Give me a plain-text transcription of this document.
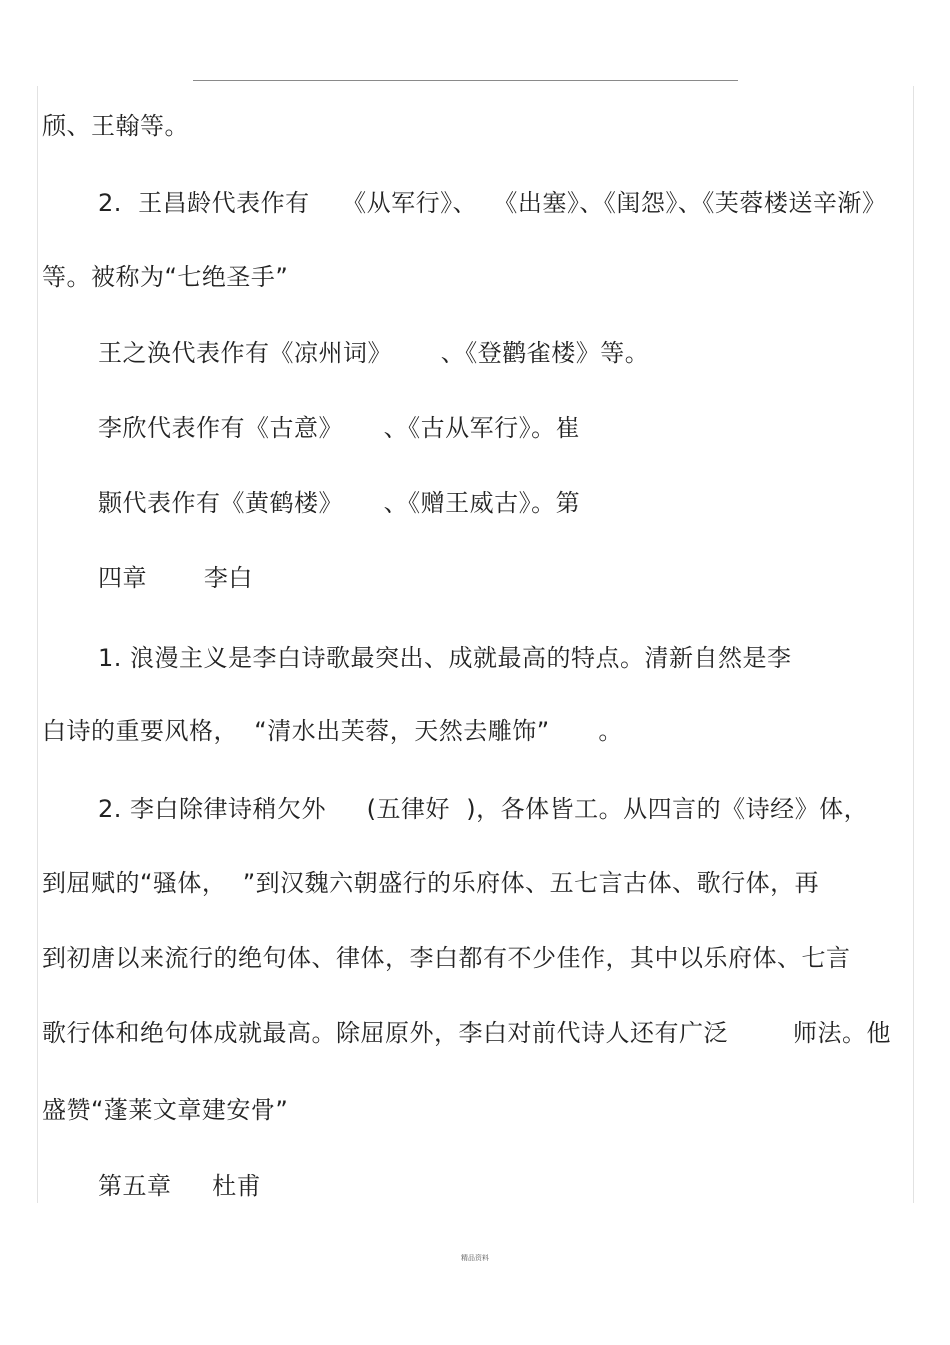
颀、王翰等。

2.  王昌龄代表作有    《从军行》、  《出塞》、《闺怨》、《芙蓉楼送辛渐》

等。被称为“七绝圣手”

王之涣代表作有《凉州词》      、《登鹳雀楼》等。

李欣代表作有《古意》     、《古从军行》。崔

颢代表作有《黄鹤楼》     、《赠王威古》。第

四章       李白

1. 浪漫主义是李白诗歌最突出、成就最高的特点。清新自然是李

白诗的重要风格，  “清水出芙蓉，天然去雕饰”      。

2. 李白除律诗稍欠外     (五律好  )，各体皆工。从四言的《诗经》体，

到屈赋的“骚体，  ”到汉魏六朝盛行的乐府体、五七言古体、歌行体，再

到初唐以来流行的绝句体、律体，李白都有不少佳作，其中以乐府体、七言

歌行体和绝句体成就最高。除屈原外，李白对前代诗人还有广泛        师法。他

盛赞“蓬莱文章建安骨”

第五章     杜甫

精品资料
